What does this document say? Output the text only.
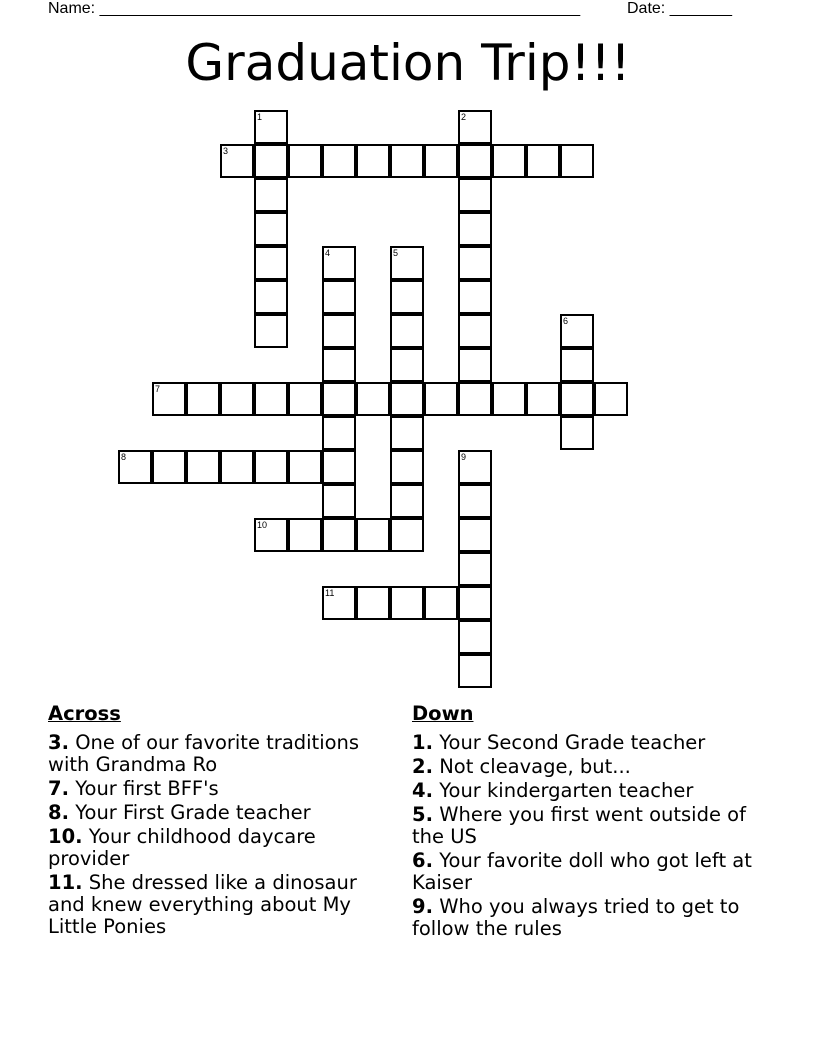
Name: ______________________________________________________	Date: _______
Graduation Trip!!!
1	2
3
4	5
6
7
8	9
10
11
Across
3. One of our favorite traditions with Grandma Ro
7. Your first BFF's
8. Your First Grade teacher
10. Your childhood daycare provider
11. She dressed like a dinosaur and knew everything about My Little Ponies
Down
1. Your Second Grade teacher
2. Not cleavage, but...
4. Your kindergarten teacher
5. Where you first went outside of the US
6. Your favorite doll who got left at Kaiser
9. Who you always tried to get to follow the rules
